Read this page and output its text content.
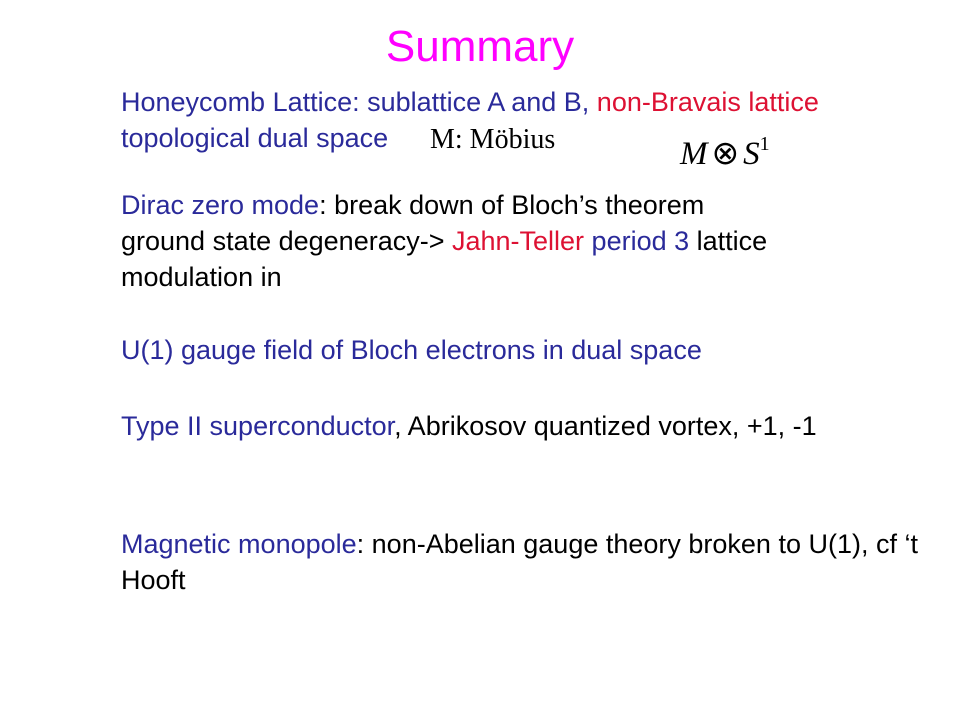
Summary
Honeycomb Lattice: sublattice A and B, non-Bravais lattice
topological dual space	M: Möbius	M ⊗ $S^1$
Dirac zero mode: break down of Bloch’s theorem
ground state degeneracy-> Jahn-Teller period 3 lattice modulation in
U(1) gauge field of Bloch electrons in dual space
Type II superconductor, Abrikosov quantized vortex, +1, -1
Magnetic monopole: non-Abelian gauge theory broken to U(1), cf ‘t Hooft
